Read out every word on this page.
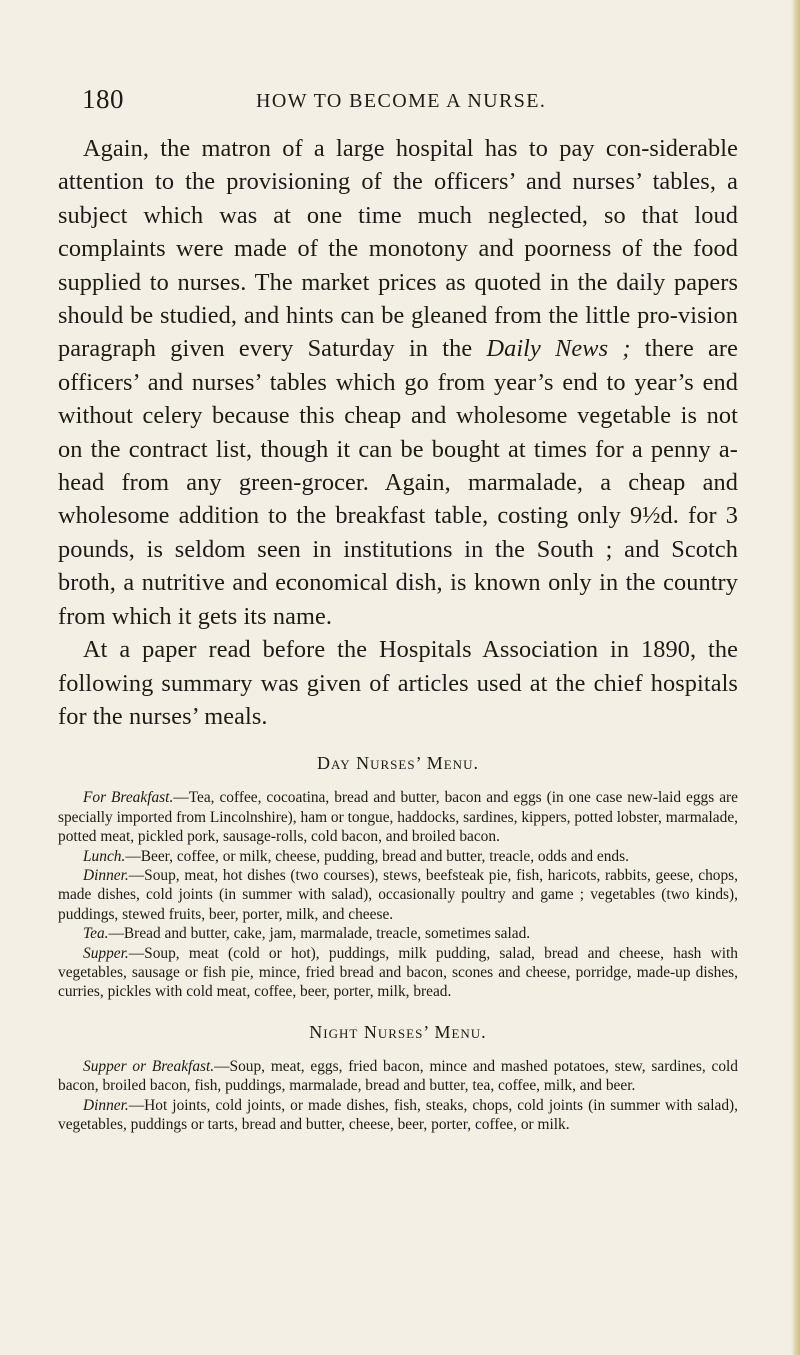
180	HOW TO BECOME A NURSE.

Again, the matron of a large hospital has to pay con-siderable attention to the provisioning of the officers’ and nurses’ tables, a subject which was at one time much neglected, so that loud complaints were made of the monotony and poorness of the food supplied to nurses. The market prices as quoted in the daily papers should be studied, and hints can be gleaned from the little pro-vision paragraph given every Saturday in the Daily News ; there are officers’ and nurses’ tables which go from year’s end to year’s end without celery because this cheap and wholesome vegetable is not on the contract list, though it can be bought at times for a penny a-head from any green-grocer. Again, marmalade, a cheap and wholesome addition to the breakfast table, costing only 9½d. for 3 pounds, is seldom seen in institutions in the South ; and Scotch broth, a nutritive and economical dish, is known only in the country from which it gets its name.

At a paper read before the Hospitals Association in 1890, the following summary was given of articles used at the chief hospitals for the nurses’ meals.

Day Nurses’ Menu.

For Breakfast.—Tea, coffee, cocoatina, bread and butter, bacon and eggs (in one case new-laid eggs are specially imported from Lincolnshire), ham or tongue, haddocks, sardines, kippers, potted lobster, marmalade, potted meat, pickled pork, sausage-rolls, cold bacon, and broiled bacon.

Lunch.—Beer, coffee, or milk, cheese, pudding, bread and butter, treacle, odds and ends.

Dinner.—Soup, meat, hot dishes (two courses), stews, beefsteak pie, fish, haricots, rabbits, geese, chops, made dishes, cold joints (in summer with salad), occasionally poultry and game ; vegetables (two kinds), puddings, stewed fruits, beer, porter, milk, and cheese.

Tea.—Bread and butter, cake, jam, marmalade, treacle, sometimes salad.

Supper.—Soup, meat (cold or hot), puddings, milk pudding, salad, bread and cheese, hash with vegetables, sausage or fish pie, mince, fried bread and bacon, scones and cheese, porridge, made-up dishes, curries, pickles with cold meat, coffee, beer, porter, milk, bread.

Night Nurses’ Menu.

Supper or Breakfast.—Soup, meat, eggs, fried bacon, mince and mashed potatoes, stew, sardines, cold bacon, broiled bacon, fish, puddings, marmalade, bread and butter, tea, coffee, milk, and beer.

Dinner.—Hot joints, cold joints, or made dishes, fish, steaks, chops, cold joints (in summer with salad), vegetables, puddings or tarts, bread and butter, cheese, beer, porter, coffee, or milk.
